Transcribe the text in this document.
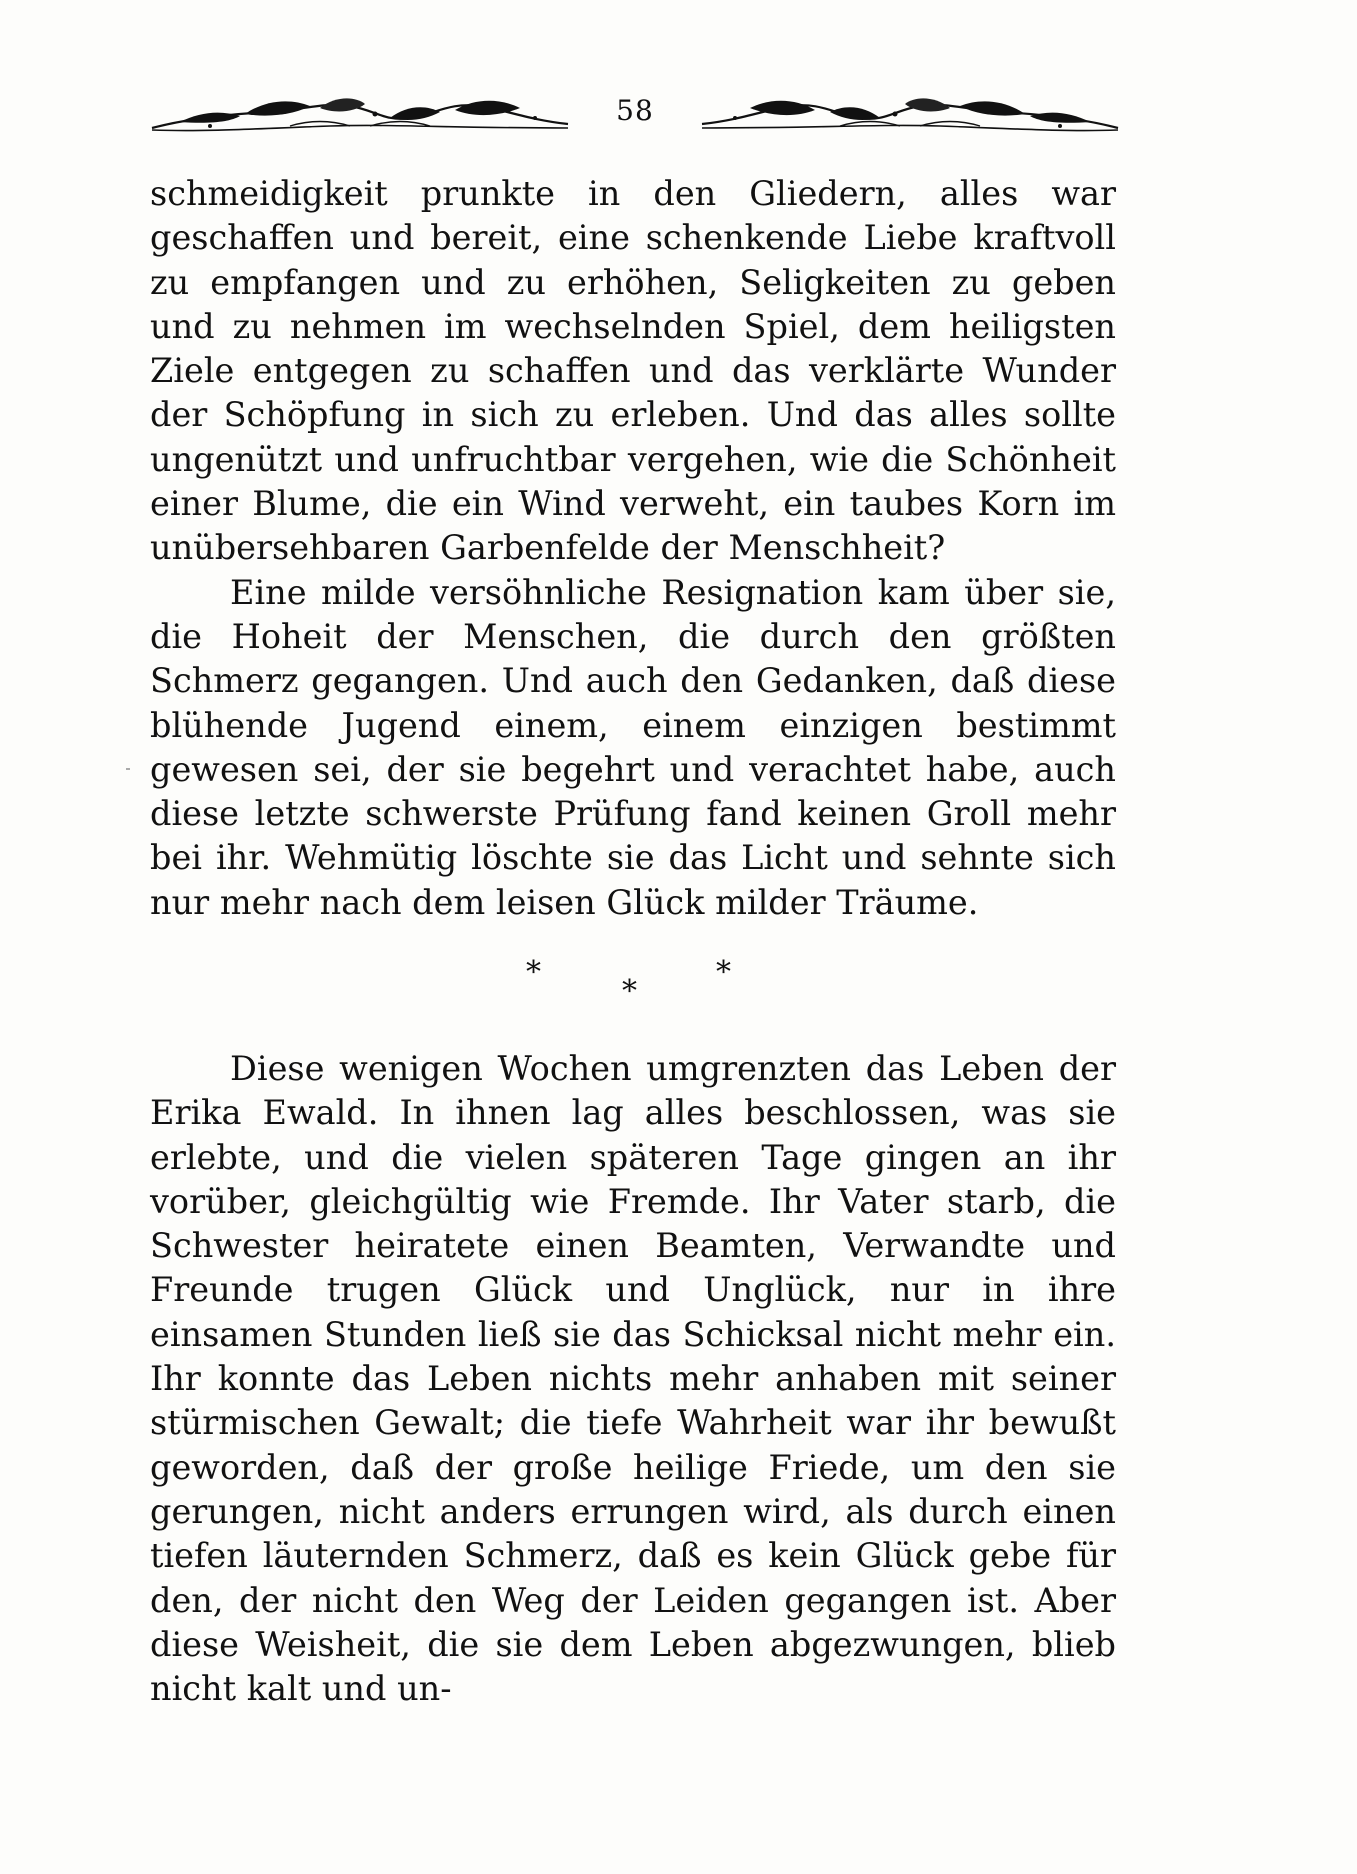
58

schmeidigkeit prunkte in den Gliedern, alles war geschaffen und bereit, eine schenkende Liebe kraftvoll zu empfangen und zu erhöhen, Seligkeiten zu geben und zu nehmen im wechselnden Spiel, dem heiligsten Ziele entgegen zu schaffen und das verklärte Wunder der Schöpfung in sich zu erleben. Und das alles sollte ungenützt und unfruchtbar vergehen, wie die Schönheit einer Blume, die ein Wind verweht, ein taubes Korn im unübersehbaren Garbenfelde der Menschheit?

Eine milde versöhnliche Resignation kam über sie, die Hoheit der Menschen, die durch den größten Schmerz gegangen. Und auch den Gedanken, daß diese blühende Jugend einem, einem einzigen bestimmt gewesen sei, der sie begehrt und verachtet habe, auch diese letzte schwerste Prüfung fand keinen Groll mehr bei ihr. Wehmütig löschte sie das Licht und sehnte sich nur mehr nach dem leisen Glück milder Träume.

*
*
*

Diese wenigen Wochen umgrenzten das Leben der Erika Ewald. In ihnen lag alles beschlossen, was sie erlebte, und die vielen späteren Tage gingen an ihr vorüber, gleichgültig wie Fremde. Ihr Vater starb, die Schwester heiratete einen Beamten, Verwandte und Freunde trugen Glück und Unglück, nur in ihre einsamen Stunden ließ sie das Schicksal nicht mehr ein. Ihr konnte das Leben nichts mehr anhaben mit seiner stürmischen Gewalt; die tiefe Wahrheit war ihr bewußt geworden, daß der große heilige Friede, um den sie gerungen, nicht anders errungen wird, als durch einen tiefen läuternden Schmerz, daß es kein Glück gebe für den, der nicht den Weg der Leiden gegangen ist. Aber diese Weisheit, die sie dem Leben abgezwungen, blieb nicht kalt und un-
